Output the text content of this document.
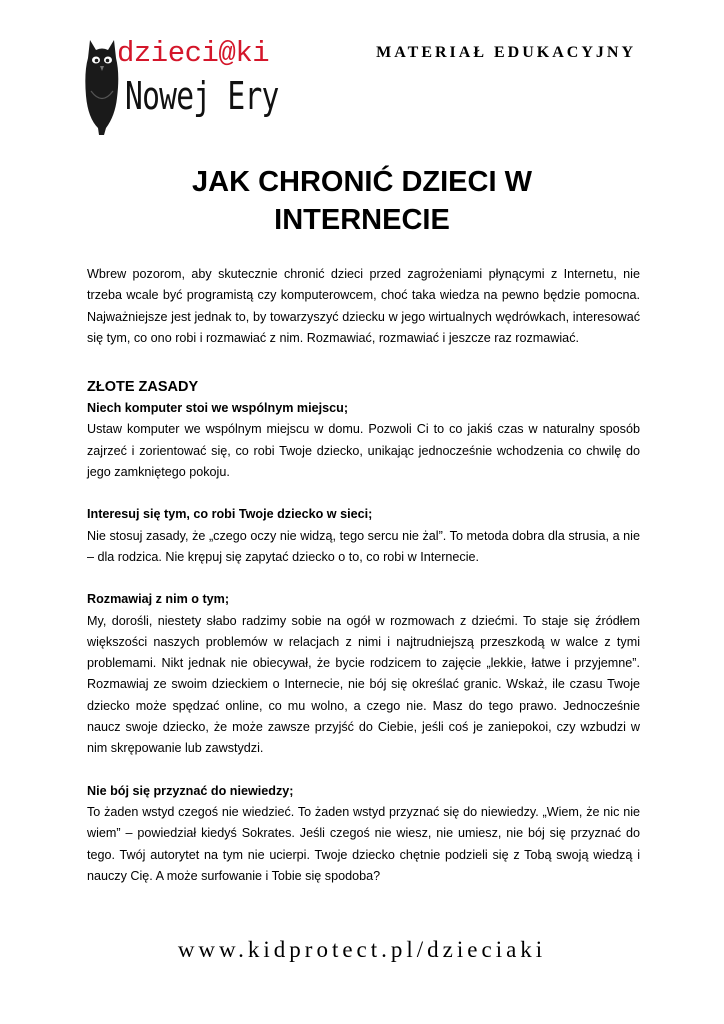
dzieci@ki
Nowej Ery
MATERIAŁ EDUKACYJNY
JAK CHRONIĆ DZIECI W
INTERNECIE

Wbrew pozorom, aby skutecznie chronić dzieci przed zagrożeniami płynącymi z Internetu, nie trzeba wcale być programistą czy komputerowcem, choć taka wiedza na pewno będzie pomocna. Najważniejsze jest jednak to, by towarzyszyć dziecku w jego wirtualnych wędrówkach, interesować się tym, co ono robi i rozmawiać z nim. Rozmawiać, rozmawiać i jeszcze raz rozmawiać.

ZŁOTE ZASADY
Niech komputer stoi we wspólnym miejscu;

Ustaw komputer we wspólnym miejscu w domu. Pozwoli Ci to co jakiś czas w naturalny sposób zajrzeć i zorientować się, co robi Twoje dziecko, unikając jednocześnie wchodzenia co chwilę do jego zamkniętego pokoju.

Interesuj się tym, co robi Twoje dziecko w sieci;

Nie stosuj zasady, że „czego oczy nie widzą, tego sercu nie żal”. To metoda dobra dla strusia, a nie – dla rodzica. Nie krępuj się zapytać dziecko o to, co robi w Internecie.

Rozmawiaj z nim o tym;

My, dorośli, niestety słabo radzimy sobie na ogół w rozmowach z dziećmi. To staje się źródłem większości naszych problemów w relacjach z nimi i najtrudniejszą przeszkodą w walce z tymi problemami. Nikt jednak nie obiecywał, że bycie rodzicem to zajęcie „lekkie, łatwe i przyjemne”. Rozmawiaj ze swoim dzieckiem o Internecie, nie bój się określać granic. Wskaż, ile czasu Twoje dziecko może spędzać online, co mu wolno, a czego nie. Masz do tego prawo. Jednocześnie naucz swoje dziecko, że może zawsze przyjść do Ciebie, jeśli coś je zaniepokoi, czy wzbudzi w nim skrępowanie lub zawstydzi.

Nie bój się przyznać do niewiedzy;

To żaden wstyd czegoś nie wiedzieć. To żaden wstyd przyznać się do niewiedzy. „Wiem, że nic nie wiem” – powiedział kiedyś Sokrates. Jeśli czegoś nie wiesz, nie umiesz, nie bój się przyznać do tego. Twój autorytet na tym nie ucierpi. Twoje dziecko chętnie podzieli się z Tobą swoją wiedzą i nauczy Cię. A może surfowanie i Tobie się spodoba?

www.kidprotect.pl/dzieciaki
